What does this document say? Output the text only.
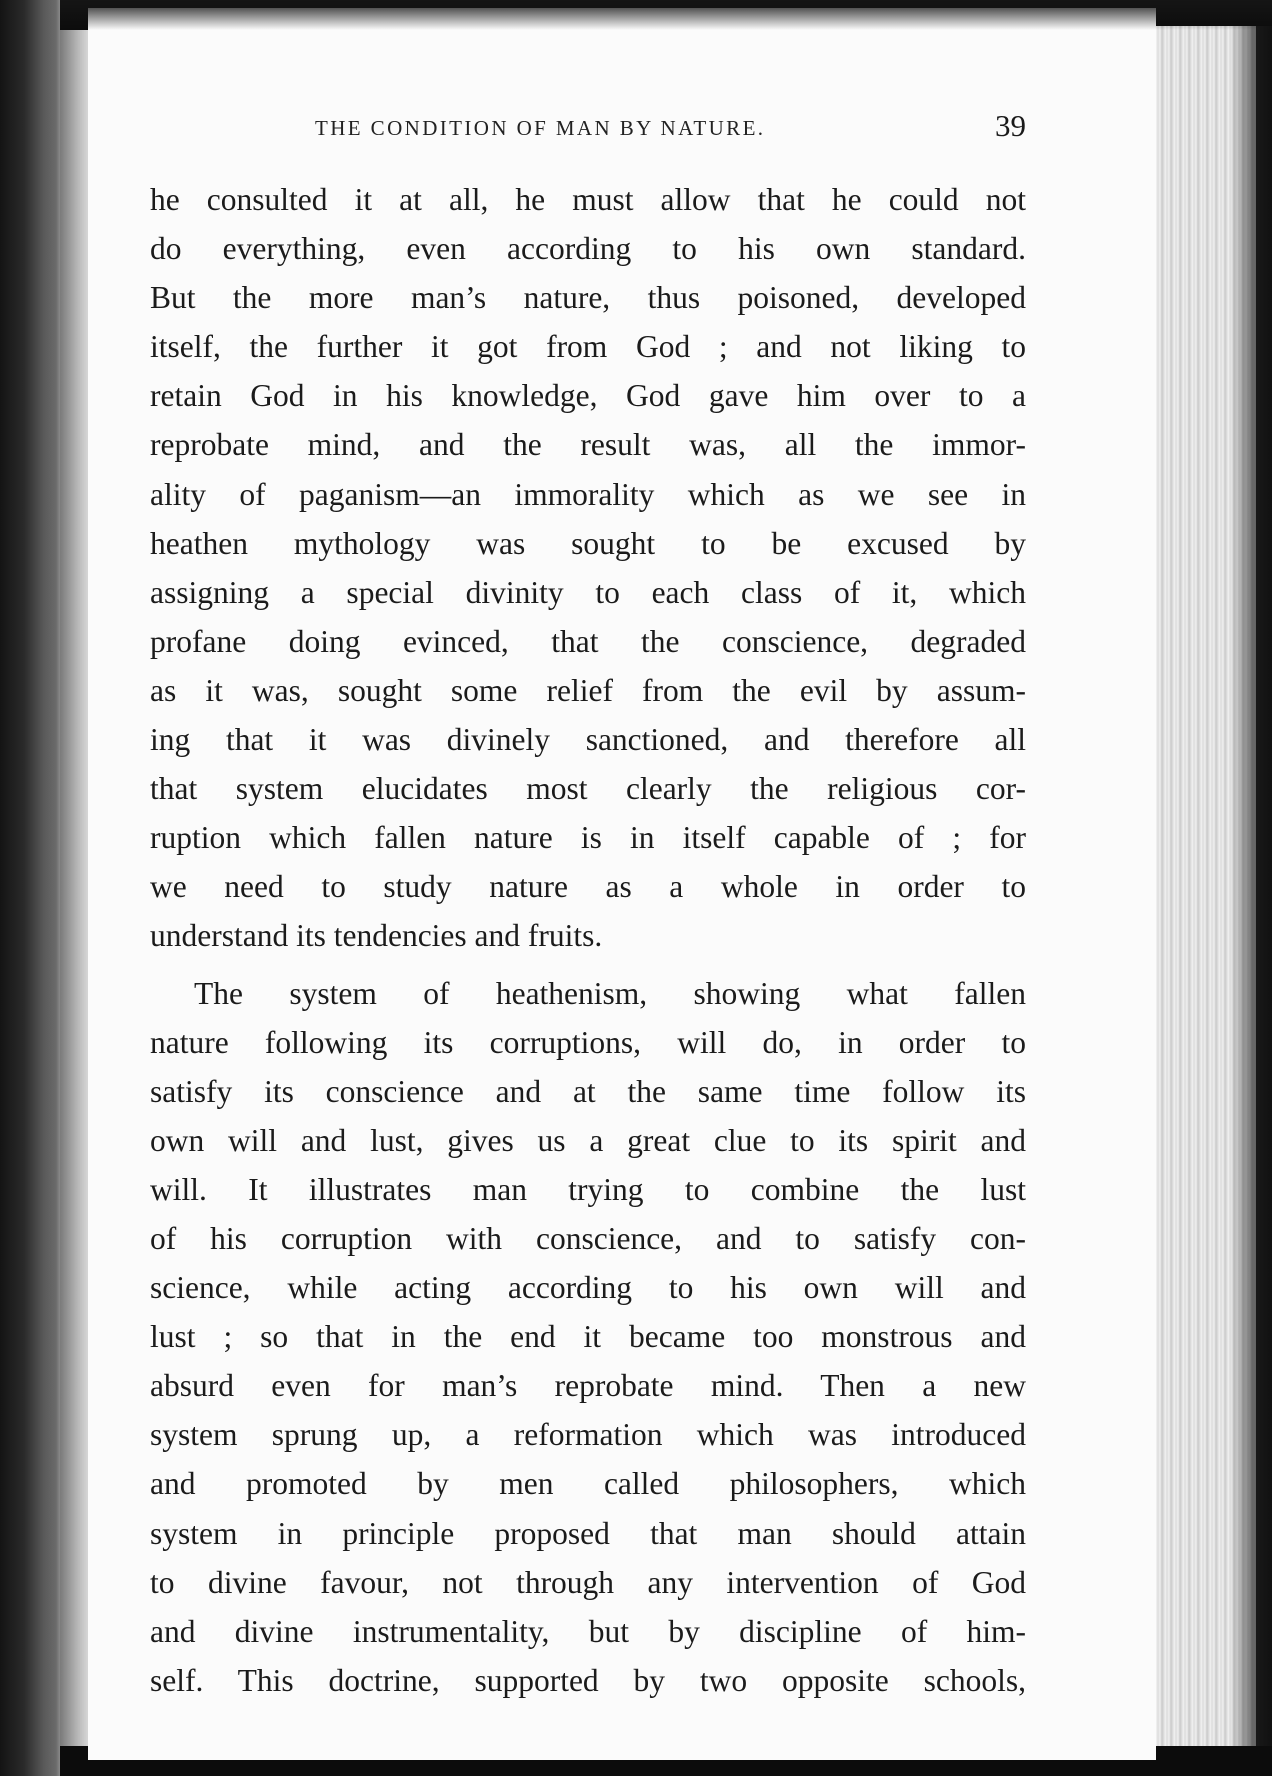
THE CONDITION OF MAN BY NATURE.	39
he consulted it at all, he must allow that he could not
do everything, even according to his own standard.
But the more man’s nature, thus poisoned, developed
itself, the further it got from God ; and not liking to
retain God in his knowledge, God gave him over to a
reprobate mind, and the result was, all the immor-
ality of paganism—an immorality which as we see in
heathen mythology was sought to be excused by
assigning a special divinity to each class of it, which
profane doing evinced, that the conscience, degraded
as it was, sought some relief from the evil by assum-
ing that it was divinely sanctioned, and therefore all
that system elucidates most clearly the religious cor-
ruption which fallen nature is in itself capable of ; for
we need to study nature as a whole in order to
understand its tendencies and fruits.
The system of heathenism, showing what fallen
nature following its corruptions, will do, in order to
satisfy its conscience and at the same time follow its
own will and lust, gives us a great clue to its spirit and
will. It illustrates man trying to combine the lust
of his corruption with conscience, and to satisfy con-
science, while acting according to his own will and
lust ; so that in the end it became too monstrous and
absurd even for man’s reprobate mind. Then a new
system sprung up, a reformation which was introduced
and promoted by men called philosophers, which
system in principle proposed that man should attain
to divine favour, not through any intervention of God
and divine instrumentality, but by discipline of him-
self. This doctrine, supported by two opposite schools,
